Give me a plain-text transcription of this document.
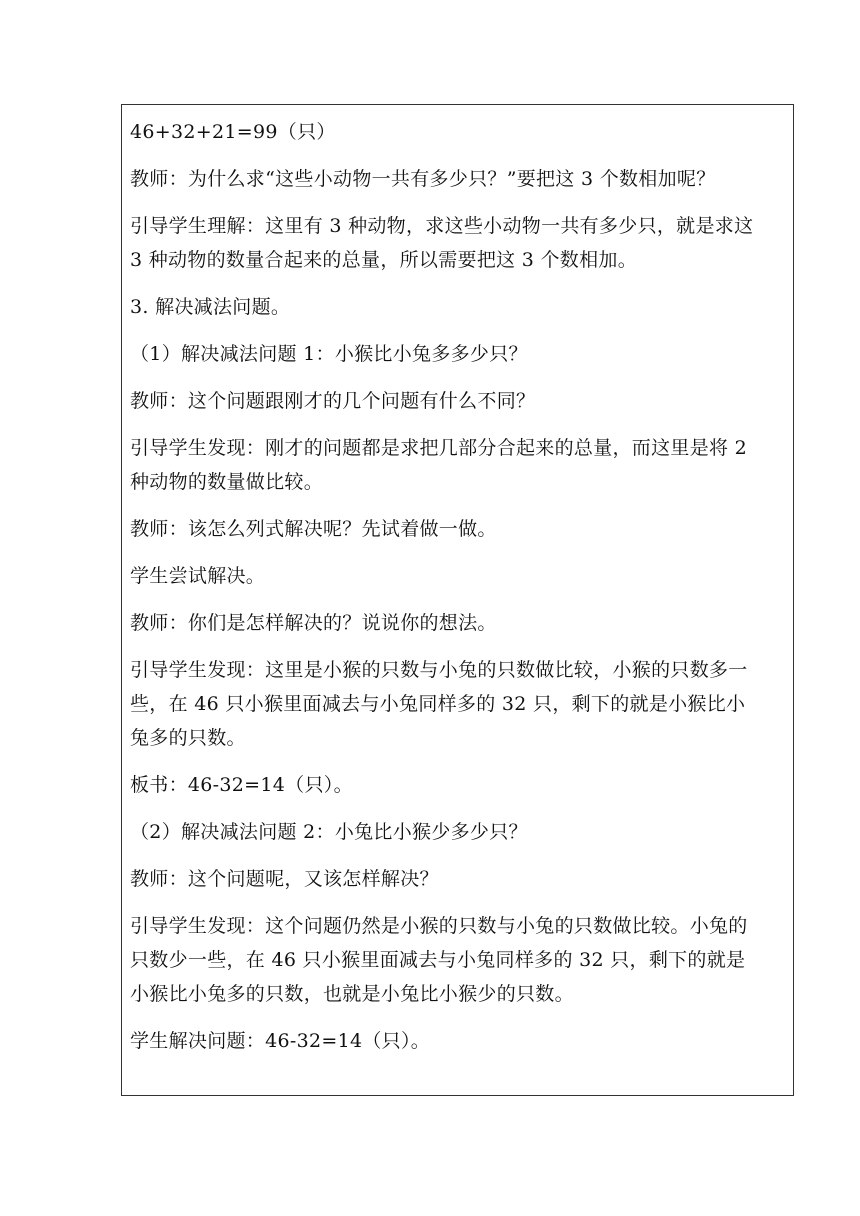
46+32+21=99（只）

教师：为什么求“这些小动物一共有多少只？”要把这 3 个数相加呢？

引导学生理解：这里有 3 种动物，求这些小动物一共有多少只，就是求这

3 种动物的数量合起来的总量，所以需要把这 3 个数相加。

3. 解决减法问题。

（1）解决减法问题 1：小猴比小兔多多少只？

教师：这个问题跟刚才的几个问题有什么不同？

引导学生发现：刚才的问题都是求把几部分合起来的总量，而这里是将 2

种动物的数量做比较。

教师：该怎么列式解决呢？先试着做一做。

学生尝试解决。

教师：你们是怎样解决的？说说你的想法。

引导学生发现：这里是小猴的只数与小兔的只数做比较，小猴的只数多一

些，在 46 只小猴里面减去与小兔同样多的 32 只，剩下的就是小猴比小

兔多的只数。

板书：46-32=14（只）。

（2）解决减法问题 2：小兔比小猴少多少只？

教师：这个问题呢，又该怎样解决？

引导学生发现：这个问题仍然是小猴的只数与小兔的只数做比较。小兔的

只数少一些，在 46 只小猴里面减去与小兔同样多的 32 只，剩下的就是

小猴比小兔多的只数，也就是小兔比小猴少的只数。

学生解决问题：46-32=14（只）。
